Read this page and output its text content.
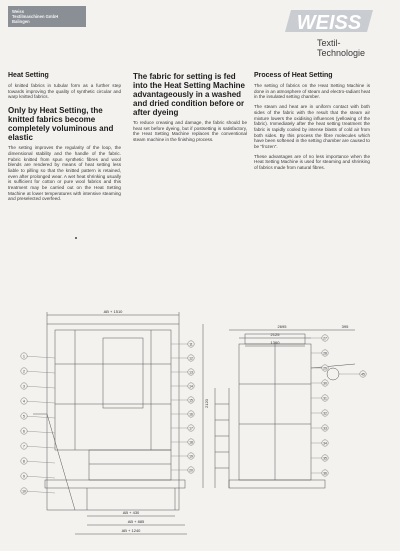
Weiss
Textilmaschinen GmbH
Balingen	WEISS
Textil-
Technologie
Heat Setting

of knitted fabrics in tubular form as a further step towards improving the quality of synthetic circular and warp knitted fabrics.

Only by Heat Setting, the knitted fabrics become completely voluminous and elastic

The setting improves the regularity of the loop, the dimensional stability and the handle of the fabric. Fabric knitted from spun synthetic fibres and wool blends are rendered by means of heat setting less liable to pilling so that the knitted pattern is retained, even after prolonged wear. A wet heat shrinking usually is sufficient for cotton or pure wool fabrics and this treatment may be carried out on the Heat Setting Machine at lower temperatures with intensive steaming and preselected overfeed.

The fabric for setting is fed into the Heat Setting Machine advantageously in a washed and dried condition before or after dyeing

To reduce creasing and damage, the fabric should be heat set before dyeing, but if postsetting is satisfactory, the Heat Setting Machine replaces the conventional steam machine in the finishing process.

Process of Heat Setting

The setting of fabrics on the Heat Setting Machine is done in an atmosphere of steam and electro-radiant heat in the insulated setting chamber.

The steam and heat are in uniform contact with both sides of the fabric with the result that the steam air mixture lowers the oxidising influences (yellowing of the fabric). Immediately after the heat setting treatment the fabric is rapidly cooled by intense blasts of cold air from both sides. By this process the fibre molecules which have been softened in the setting chamber are caused to be "frozen".

These advantages are of no less importance when the Heat Setting Machine is used for steaming and shrinking of fabrics made from natural fibres.

AB + 1510
AB + 430
AB + 885
AB + 1240
2695
2125
1360
395
2120
1
2
3
4
5
6
7
8
9
10
11
12
13
14
15
16
17
18
19
20
27
28
29
30
31
32
33
34
35
36
45
